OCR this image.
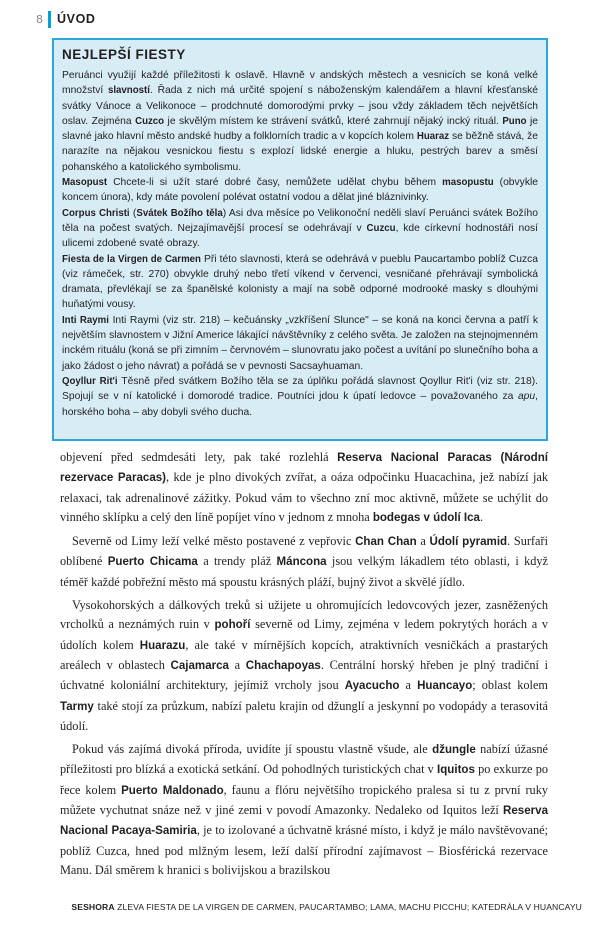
8 ÚVOD
NEJLEPŠÍ FIESTY

Peruánci využijí každé příležitosti k oslavě. Hlavně v andských městech a vesnicích se koná velké množství slavností. Řada z nich má určité spojení s náboženským kalendářem a hlavní křesťanské svátky Vánoce a Velikonoce – prodchnuté domorodými prvky – jsou vždy základem těch největších oslav. Zejména Cuzco je skvělým místem ke strávení svátků, které zahrnují nějaký incký rituál. Puno je slavné jako hlavní město andské hudby a folklorních tradic a v kopcích kolem Huaraz se běžně stává, že narazíte na nějakou vesnickou fiestu s explozí lidské energie a hluku, pestrých barev a směsí pohanského a katolického symbolismu.

Masopust Chcete-li si užít staré dobré časy, nemůžete udělat chybu během masopustu (obvykle koncem února), kdy máte povolení polévat ostatní vodou a dělat jiné bláznivinky.

Corpus Christi (Svátek Božího těla) Asi dva měsíce po Velikonoční neděli slaví Peruánci svátek Božího těla na počest svatých. Nejzajímavější procesí se odehrávají v Cuzcu, kde církevní hodnostáři nosí ulicemi zdobené svaté obrazy.

Fiesta de la Virgen de Carmen Při této slavnosti, která se odehrává v pueblu Paucartambo poblíž Cuzca (viz rámeček, str. 270) obvykle druhý nebo třetí víkend v červenci, vesničané přehrávají symbolická dramata, převlékají se za španělské kolonisty a mají na sobě odporné modrooké masky s dlouhými huňatými vousy.

Inti Raymi Inti Raymi (viz str. 218) – kečuánsky „vzkříšení Slunce" – se koná na konci června a patří k největším slavnostem v Jižní Americe lákající návštěvníky z celého světa. Je založen na stejnojmenném inckém rituálu (koná se při zimním – červnovém – slunovratu jako počest a uvítání po slunečního boha a jako žádost o jeho návrat) a pořádá se v pevnosti Sacsayhuaman.

Qoyllur Rit'i Těsně před svátkem Božího těla se za úplňku pořádá slavnost Qoyllur Rit'i (viz str. 218). Spojují se v ní katolické i domorodé tradice. Poutníci jdou k úpatí ledovce – považovaného za apu, horského boha – aby dobyli svého ducha.

objevení před sedmdesáti lety, pak také rozlehlá Reserva Nacional Paracas (Národní rezervace Paracas), kde je plno divokých zvířat, a oáza odpočinku Huacachina, jež nabízí jak relaxaci, tak adrenalinové zážitky. Pokud vám to všechno zní moc aktivně, můžete se uchýlit do vinného sklípku a celý den líně popíjet víno v jednom z mnoha bodegas v údolí Ica.

Severně od Limy leží velké město postavené z vepřovic Chan Chan a Údolí pyramid. Surfaři oblíbené Puerto Chicama a trendy pláž Máncona jsou velkým lákadlem této oblasti, i když téměř každé pobřežní město má spoustu krásných pláží, bujný život a skvělé jídlo.

Vysokohorských a dálkových treků si užijete u ohromujících ledovcových jezer, zasněžených vrcholků a neznámých ruin v pohoří severně od Limy, zejména v ledem pokrytých horách a v údolích kolem Huarazu, ale také v mírnějších kopcích, atraktivních vesničkách a prastarých areálech v oblastech Cajamarca a Chachapoyas. Centrální horský hřeben je plný tradiční i úchvatné koloniální architektury, jejímiž vrcholy jsou Ayacucho a Huancayo; oblast kolem Tarmy také stojí za průzkum, nabízí paletu krajin od džunglí a jeskynní po vodopády a terasovitá údolí.

Pokud vás zajímá divoká příroda, uvidíte jí spoustu vlastně všude, ale džungle nabízí úžasné příležitosti pro blízká a exotická setkání. Od pohodlných turistických chat v Iquitos po exkurze po řece kolem Puerto Maldonado, faunu a flóru největšího tropického pralesa si tu z první ruky můžete vychutnat snáze než v jiné zemi v povodí Amazonky. Nedaleko od Iquitos leží Reserva Nacional Pacaya-Samiria, je to izolované a úchvatně krásné místo, i když je málo navštěvované; poblíž Cuzca, hned pod mlžným lesem, leží další přírodní zajímavost – Biosférická rezervace Manu. Dál směrem k hranici s bolivijskou a brazilskou

SESHORA ZLEVA FIESTA DE LA VIRGEN DE CARMEN, PAUCARTAMBO; LAMA, MACHU PICCHU; KATEDRÁLA V HUANCAYU
